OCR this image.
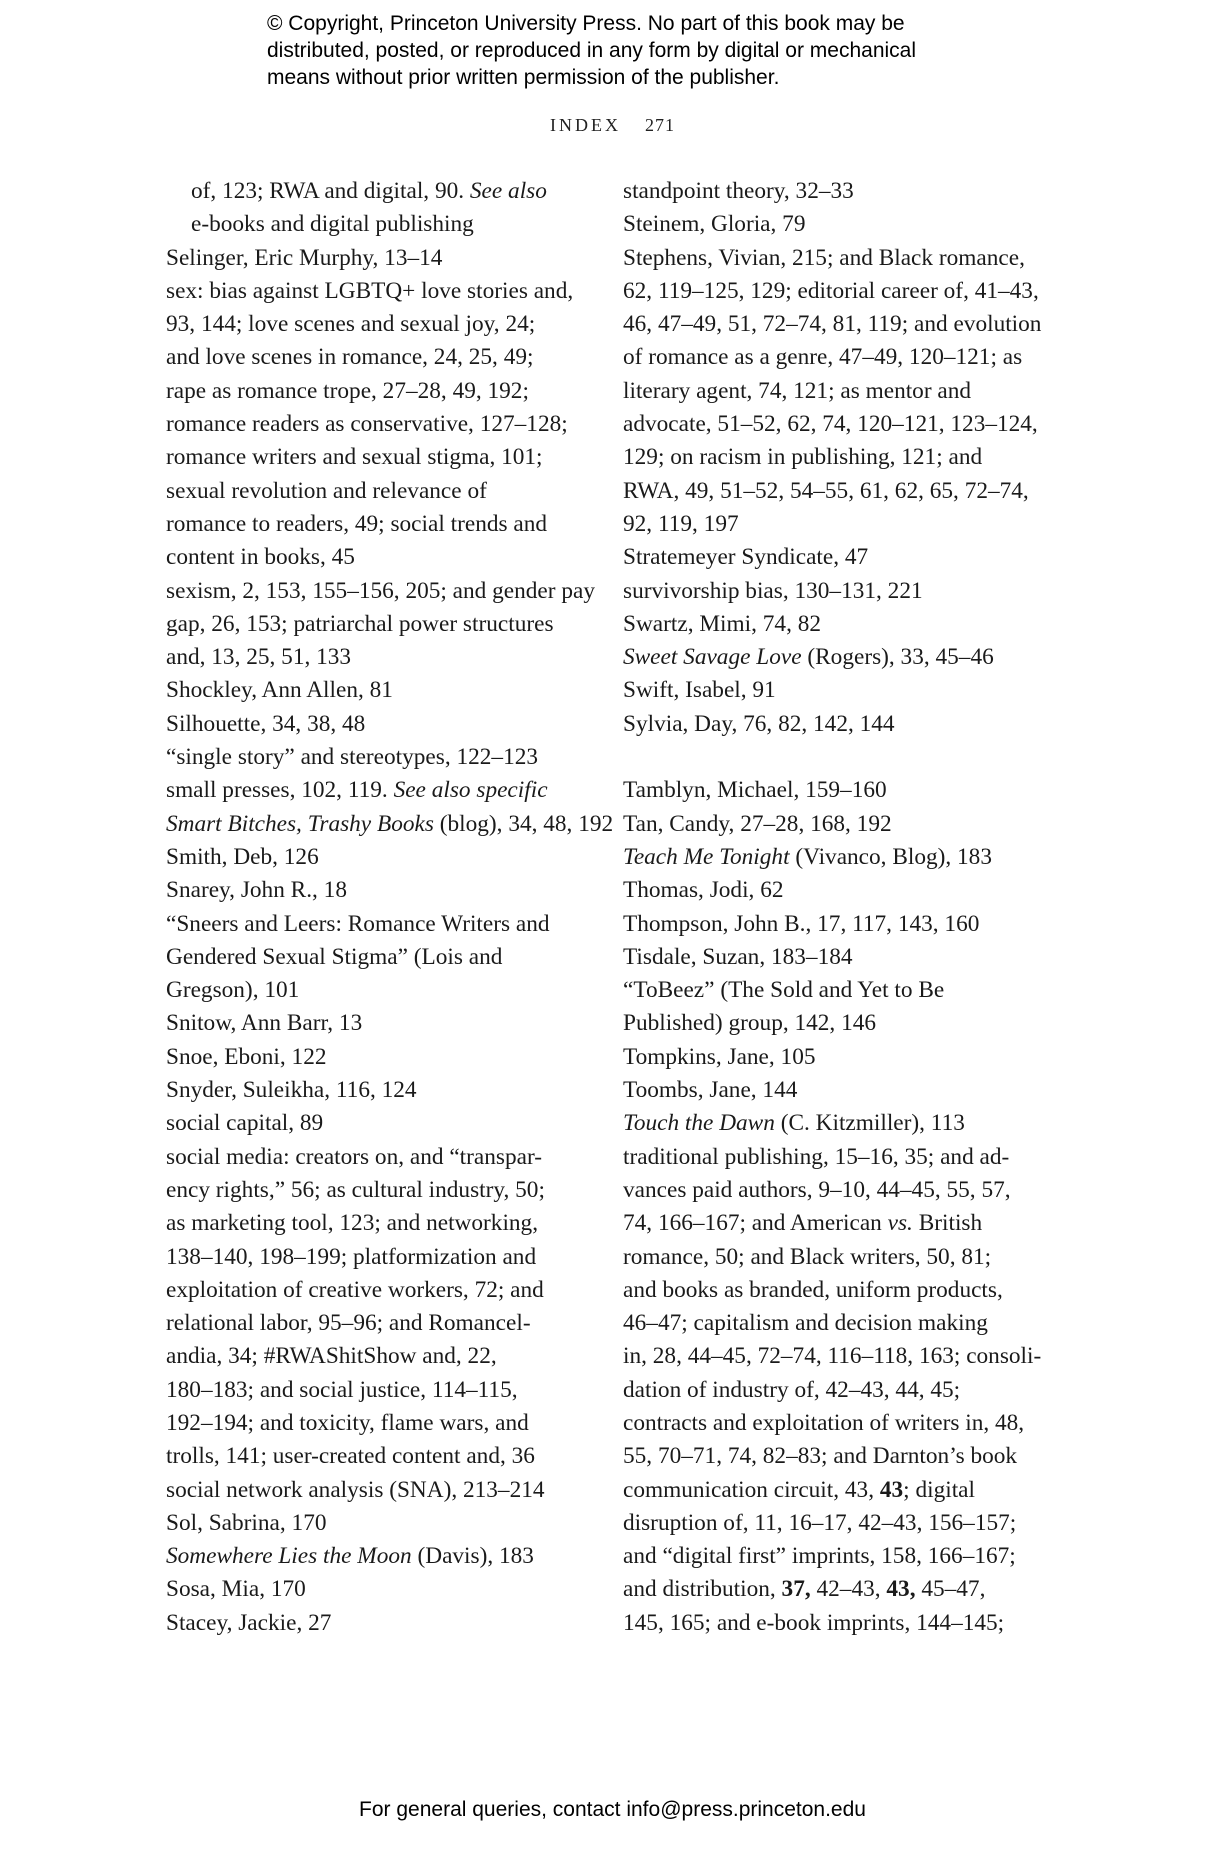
© Copyright, Princeton University Press. No part of this book may be
distributed, posted, or reproduced in any form by digital or mechanical
means without prior written permission of the publisher.
INDEX 271
of, 123; RWA and digital, 90. See also
e-books and digital publishing
Selinger, Eric Murphy, 13–14
sex: bias against LGBTQ+ love stories and,
93, 144; love scenes and sexual joy, 24;
and love scenes in romance, 24, 25, 49;
rape as romance trope, 27–28, 49, 192;
romance readers as conservative, 127–128;
romance writers and sexual stigma, 101;
sexual revolution and relevance of
romance to readers, 49; social trends and
content in books, 45
sexism, 2, 153, 155–156, 205; and gender pay
gap, 26, 153; patriarchal power structures
and, 13, 25, 51, 133
Shockley, Ann Allen, 81
Silhouette, 34, 38, 48
“single story” and stereotypes, 122–123
small presses, 102, 119. See also specific
Smart Bitches, Trashy Books (blog), 34, 48, 192
Smith, Deb, 126
Snarey, John R., 18
“Sneers and Leers: Romance Writers and
Gendered Sexual Stigma” (Lois and
Gregson), 101
Snitow, Ann Barr, 13
Snoe, Eboni, 122
Snyder, Suleikha, 116, 124
social capital, 89
social media: creators on, and “transpar-
ency rights,” 56; as cultural industry, 50;
as marketing tool, 123; and networking,
138–140, 198–199; platformization and
exploitation of creative workers, 72; and
relational labor, 95–96; and Romancel-
andia, 34; #RWAShitShow and, 22,
180–183; and social justice, 114–115,
192–194; and toxicity, flame wars, and
trolls, 141; user-created content and, 36
social network analysis (SNA), 213–214
Sol, Sabrina, 170
Somewhere Lies the Moon (Davis), 183
Sosa, Mia, 170
Stacey, Jackie, 27
standpoint theory, 32–33
Steinem, Gloria, 79
Stephens, Vivian, 215; and Black romance,
62, 119–125, 129; editorial career of, 41–43,
46, 47–49, 51, 72–74, 81, 119; and evolution
of romance as a genre, 47–49, 120–121; as
literary agent, 74, 121; as mentor and
advocate, 51–52, 62, 74, 120–121, 123–124,
129; on racism in publishing, 121; and
RWA, 49, 51–52, 54–55, 61, 62, 65, 72–74,
92, 119, 197
Stratemeyer Syndicate, 47
survivorship bias, 130–131, 221
Swartz, Mimi, 74, 82
Sweet Savage Love (Rogers), 33, 45–46
Swift, Isabel, 91
Sylvia, Day, 76, 82, 142, 144
Tamblyn, Michael, 159–160
Tan, Candy, 27–28, 168, 192
Teach Me Tonight (Vivanco, Blog), 183
Thomas, Jodi, 62
Thompson, John B., 17, 117, 143, 160
Tisdale, Suzan, 183–184
“ToBeez” (The Sold and Yet to Be
Published) group, 142, 146
Tompkins, Jane, 105
Toombs, Jane, 144
Touch the Dawn (C. Kitzmiller), 113
traditional publishing, 15–16, 35; and ad-
vances paid authors, 9–10, 44–45, 55, 57,
74, 166–167; and American vs. British
romance, 50; and Black writers, 50, 81;
and books as branded, uniform products,
46–47; capitalism and decision making
in, 28, 44–45, 72–74, 116–118, 163; consoli-
dation of industry of, 42–43, 44, 45;
contracts and exploitation of writers in, 48,
55, 70–71, 74, 82–83; and Darnton’s book
communication circuit, 43, 43; digital
disruption of, 11, 16–17, 42–43, 156–157;
and “digital first” imprints, 158, 166–167;
and distribution, 37, 42–43, 43, 45–47,
145, 165; and e-book imprints, 144–145;
For general queries, contact info@press.princeton.edu
